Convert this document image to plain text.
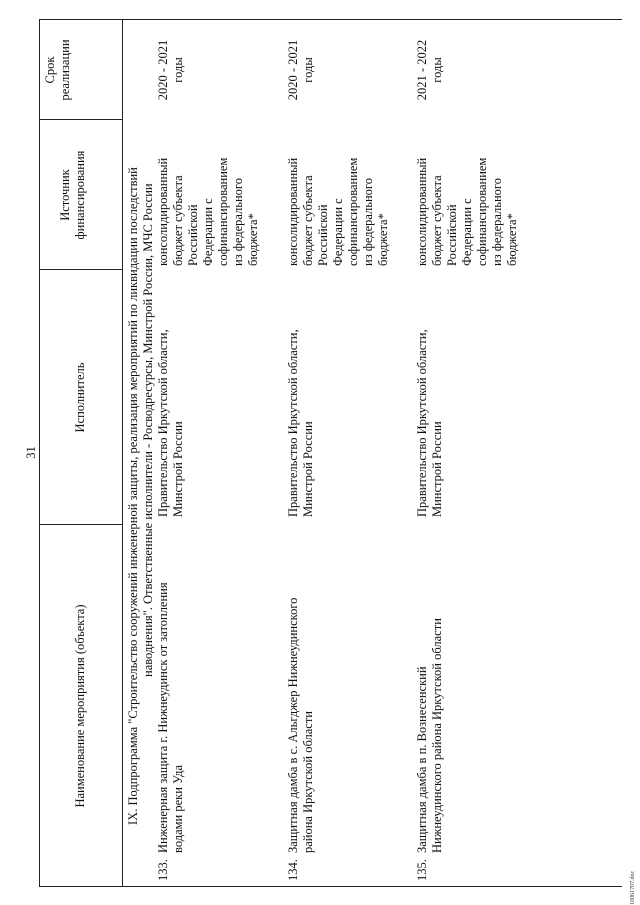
31
Наименование мероприятия (объекта)
Исполнитель
Источник финансирования
Срок реализации
IX. Подпрограмма "Строительство сооружений инженерной защиты, реализация мероприятий по ликвидации последствий наводнения". Ответственные исполнители - Росводресурсы, Минстрой России, МЧС России
133.
Инженерная защита г. Нижнеудинск от затопления водами реки Уда
Правительство Иркутской области, Минстрой России
консолидированный бюджет субъекта Российской Федерации с софинансированием из федерального бюджета*
2020 - 2021 годы
134.
Защитная дамба в с. Альгджер Нижнеудинского района Иркутской области
Правительство Иркутской области, Минстрой России
консолидированный бюджет субъекта Российской Федерации с софинансированием из федерального бюджета*
2020 - 2021 годы
135.
Защитная дамба в п. Вознесенский Нижнеудинского района Иркутской области
Правительство Иркутской области, Минстрой России
консолидированный бюджет субъекта Российской Федерации с софинансированием из федерального бюджета*
2021 - 2022 годы
10061707.doc
